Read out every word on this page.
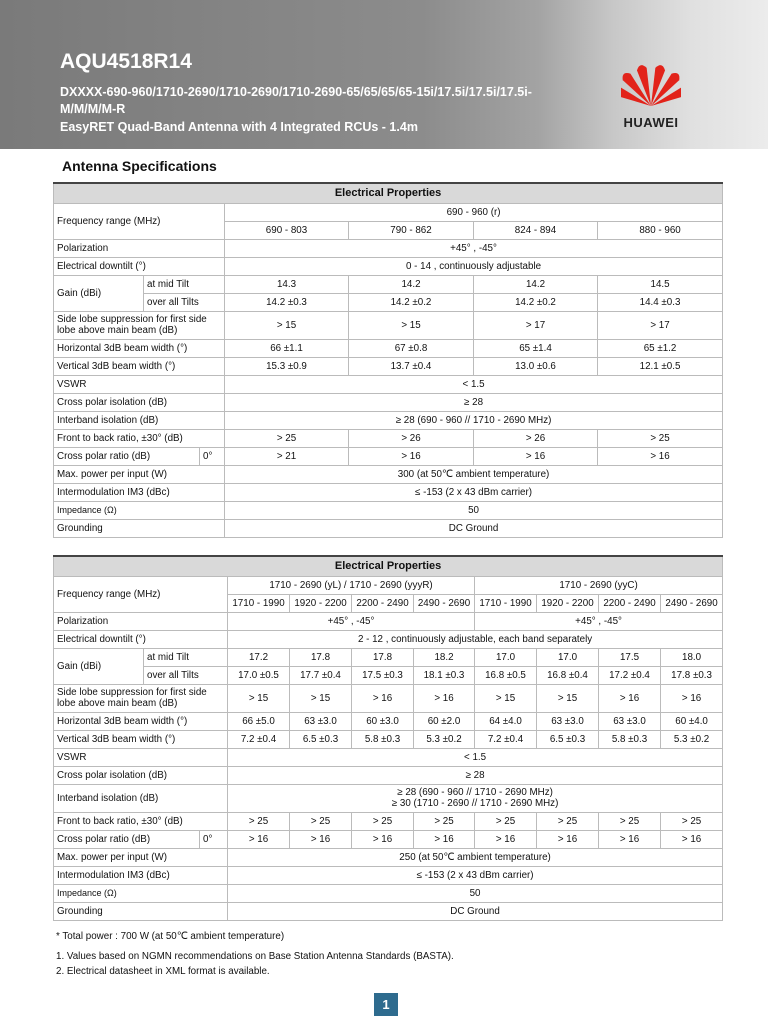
AQU4518R14
DXXXX-690-960/1710-2690/1710-2690/1710-2690-65/65/65/65-15i/17.5i/17.5i/17.5i-
M/M/M/M-R
EasyRET Quad-Band Antenna with 4 Integrated RCUs - 1.4m	HUAWEI
Antenna Specifications
Electrical Properties						
Frequency range (MHz)			690 - 960 (r)			
			690 - 803	790 - 862	824 - 894	880 - 960
Polarization			+45° , -45°			
Electrical downtilt (°)			0 - 14 , continuously adjustable			
Gain (dBi)	at mid Tilt		14.3	14.2	14.2	14.5
	over all Tilts		14.2 ±0.3	14.2 ±0.2	14.2 ±0.2	14.4 ±0.3
Side lobe suppression for first side lobe above main beam (dB)			> 15	> 15	> 17	> 17
Horizontal 3dB beam width (°)			66 ±1.1	67 ±0.8	65 ±1.4	65 ±1.2
Vertical 3dB beam width (°)			15.3 ±0.9	13.7 ±0.4	13.0 ±0.6	12.1 ±0.5
VSWR			< 1.5			
Cross polar isolation (dB)			≥ 28			
Interband isolation (dB)			≥ 28 (690 - 960 // 1710 - 2690 MHz)			
Front to back ratio, ±30° (dB)			> 25	> 26	> 26	> 25
Cross polar ratio (dB)		0°	> 21	> 16	> 16	> 16
Max. power per input (W)			300 (at 50℃ ambient temperature)			
Intermodulation IM3 (dBc)			≤ -153 (2 x 43 dBm carrier)			
Impedance (Ω)			50			
Grounding			DC Ground			
Electrical Properties										
Frequency range (MHz)			1710 - 2690 (yL) / 1710 - 2690 (yyyR)				1710 - 2690 (yyC)			
			1710 - 1990	1920 - 2200	2200 - 2490	2490 - 2690	1710 - 1990	1920 - 2200	2200 - 2490	2490 - 2690
Polarization			+45° , -45°				+45° , -45°			
Electrical downtilt (°)			2 - 12 , continuously adjustable, each band separately							
Gain (dBi)	at mid Tilt		17.2	17.8	17.8	18.2	17.0	17.0	17.5	18.0
	over all Tilts		17.0 ±0.5	17.7 ±0.4	17.5 ±0.3	18.1 ±0.3	16.8 ±0.5	16.8 ±0.4	17.2 ±0.4	17.8 ±0.3
Side lobe suppression for first side lobe above main beam (dB)			> 15	> 15	> 16	> 16	> 15	> 15	> 16	> 16
Horizontal 3dB beam width (°)			66 ±5.0	63 ±3.0	60 ±3.0	60 ±2.0	64 ±4.0	63 ±3.0	63 ±3.0	60 ±4.0
Vertical 3dB beam width (°)			7.2 ±0.4	6.5 ±0.3	5.8 ±0.3	5.3 ±0.2	7.2 ±0.4	6.5 ±0.3	5.8 ±0.3	5.3 ±0.2
VSWR			< 1.5							
Cross polar isolation (dB)			≥ 28							
Interband isolation (dB)			≥ 28 (690 - 960 // 1710 - 2690 MHz)
≥ 30 (1710 - 2690 // 1710 - 2690 MHz)							

Front to back ratio, ±30° (dB)			> 25	> 25	> 25	> 25	> 25	> 25	> 25	> 25
Cross polar ratio (dB)		0°	> 16	> 16	> 16	> 16	> 16	> 16	> 16	> 16
Max. power per input (W)			250 (at 50℃ ambient temperature)							
Intermodulation IM3 (dBc)			≤ -153 (2 x 43 dBm carrier)							
Impedance (Ω)			50							
Grounding			DC Ground							
* Total power : 700 W (at 50℃ ambient temperature)
1. Values based on NGMN recommendations on Base Station Antenna Standards (BASTA).
2. Electrical datasheet in XML format is available.
1
